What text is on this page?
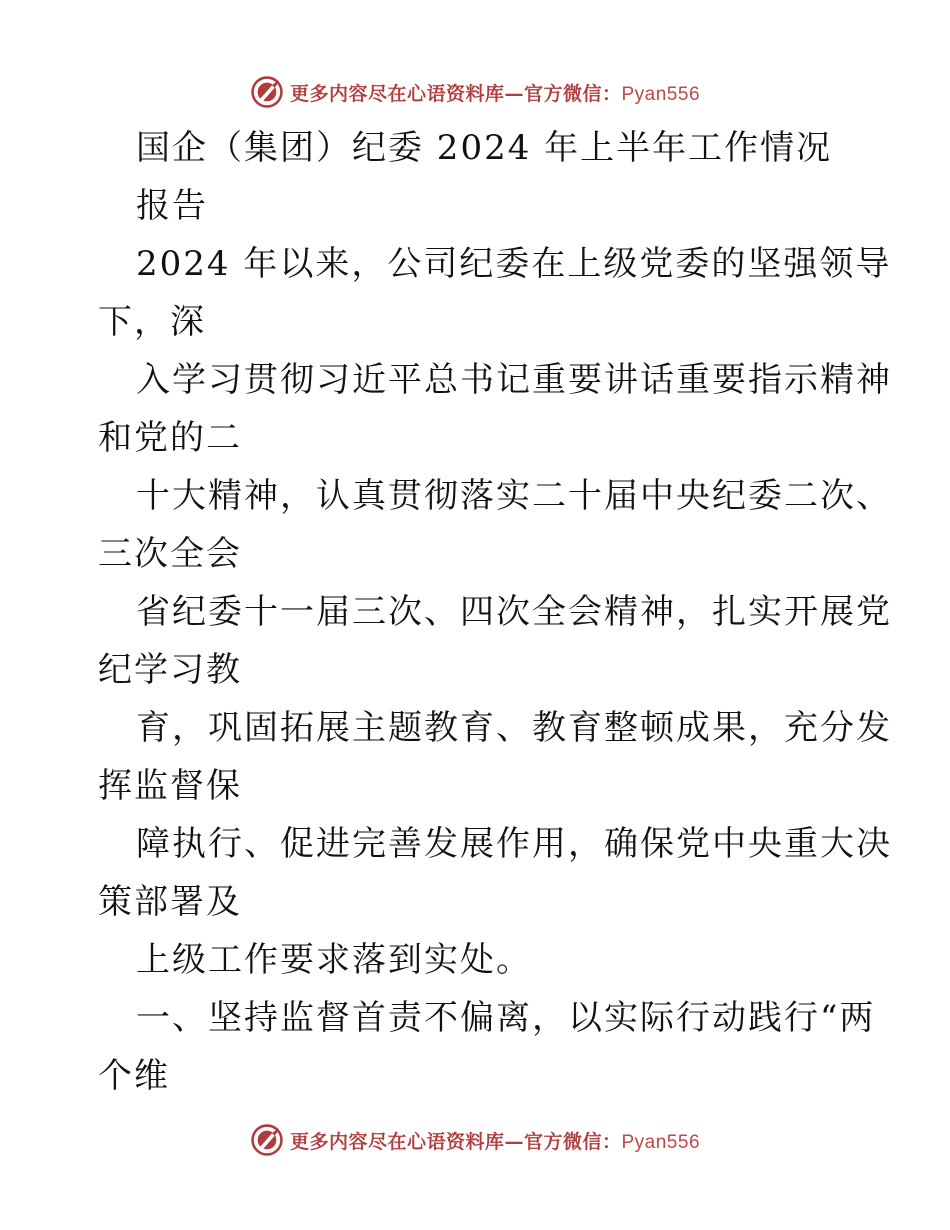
更多内容尽在心语资料库—官方微信：Pyan556
国企（集团）纪委 2024 年上半年工作情况
报告
2024 年以来，公司纪委在上级党委的坚强领导
下，深
入学习贯彻习近平总书记重要讲话重要指示精神
和党的二
十大精神，认真贯彻落实二十届中央纪委二次、
三次全会
省纪委十一届三次、四次全会精神，扎实开展党
纪学习教
育，巩固拓展主题教育、教育整顿成果，充分发
挥监督保
障执行、促进完善发展作用，确保党中央重大决
策部署及
上级工作要求落到实处。
一、坚持监督首责不偏离，以实际行动践行“两
个维
更多内容尽在心语资料库—官方微信：Pyan556
